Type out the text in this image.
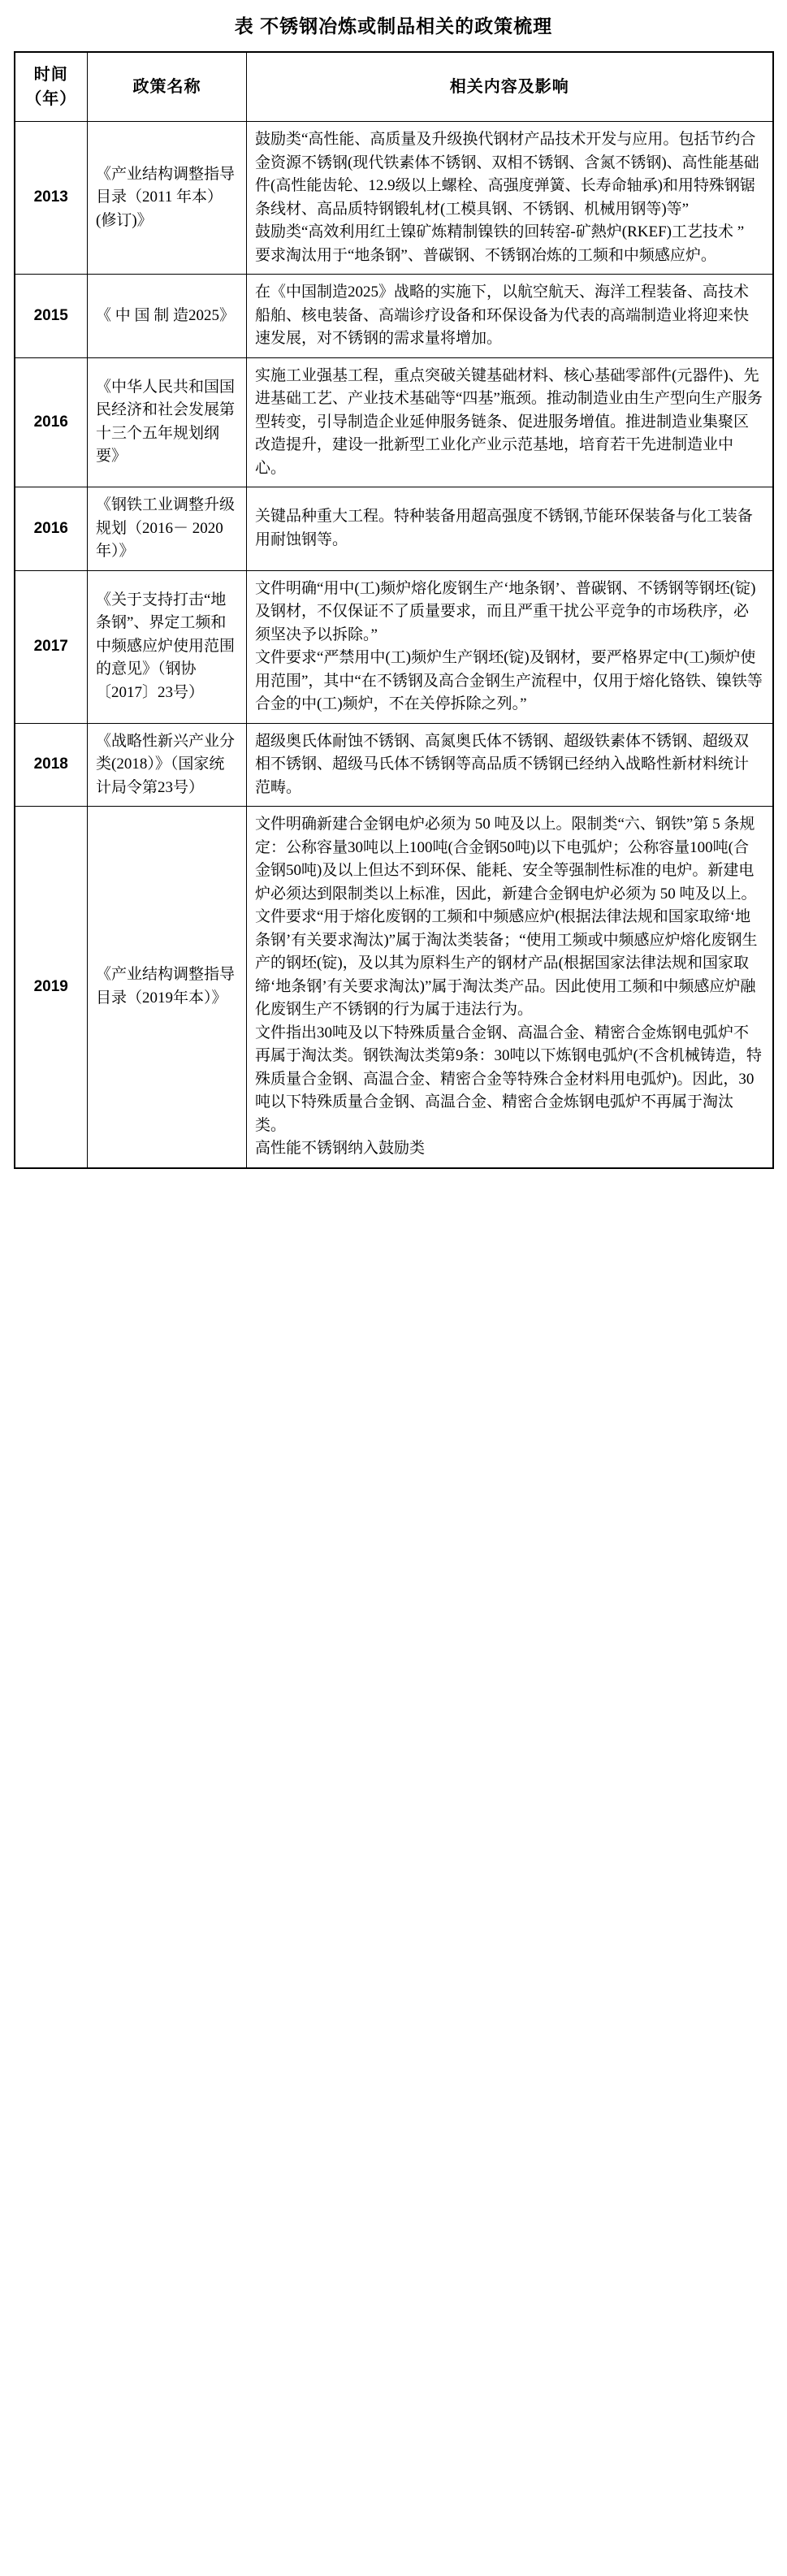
表 不锈钢冶炼或制品相关的政策梳理
时间（年）	政策名称	相关内容及影响
2013	《产业结构调整指导目录（2011 年本）(修订)》	鼓励类“高性能、高质量及升级换代钢材产品技术开发与应用。包括节约合金资源不锈钢(现代铁素体不锈钢、双相不锈钢、含氮不锈钢)、高性能基础件(高性能齿轮、12.9级以上螺栓、高强度弹簧、长寿命轴承)和用特殊钢锯条线材、高品质特钢锻轧材(工模具钢、不锈钢、机械用钢等)等”

鼓励类“高效利用红土镍矿炼精制镍铁的回转窑-矿熱炉(RKEF)工艺技术 ”

要求淘汰用于“地条钢”、普碳钢、不锈钢冶炼的工频和中频感应炉。

2015	《 中 国 制 造2025》	在《中国制造2025》战略的实施下，以航空航天、海洋工程装备、高技术船舶、核电装备、高端诊疗设备和环保设备为代表的高端制造业将迎来快速发展，对不锈钢的需求量将增加。

2016	《中华人民共和国国民经济和社会发展第十三个五年规划纲要》	实施工业强基工程，重点突破关键基础材料、核心基础零部件(元器件)、先进基础工艺、产业技术基础等“四基”瓶颈。推动制造业由生产型向生产服务型转变，引导制造企业延伸服务链条、促进服务增值。推进制造业集聚区改造提升，建设一批新型工业化产业示范基地，培育若干先进制造业中心。

2016	《钢铁工业调整升级规划（2016－ 2020年）》	关键品种重大工程。特种装备用超高强度不锈钢,节能环保装备与化工装备用耐蚀钢等。

2017	《关于支持打击“地条钢”、界定工频和中频感应炉使用范围的意见》（钢协〔2017〕23号）	文件明确“用中(工)频炉熔化废钢生产‘地条钢’、普碳钢、不锈钢等钢坯(锭)及钢材，不仅保证不了质量要求，而且严重干扰公平竞争的市场秩序，必须坚决予以拆除。”

文件要求“严禁用中(工)频炉生产钢坯(锭)及钢材，要严格界定中(工)频炉使用范围”，其中“在不锈钢及高合金钢生产流程中，仅用于熔化铬铁、镍铁等合金的中(工)频炉，不在关停拆除之列。”

2018	《战略性新兴产业分类(2018）》（国家统计局令第23号）	超级奥氏体耐蚀不锈钢、高氮奥氏体不锈钢、超级铁素体不锈钢、超级双相不锈钢、超级马氏体不锈钢等高品质不锈钢已经纳入战略性新材料统计范畴。

2019	《产业结构调整指导目录（2019年本）》	文件明确新建合金钢电炉必须为 50 吨及以上。限制类“六、钢铁”第 5 条规定：公称容量30吨以上100吨(合金钢50吨)以下电弧炉；公称容量100吨(合金钢50吨)及以上但达不到环保、能耗、安全等强制性标准的电炉。新建电炉必须达到限制类以上标准，因此，新建合金钢电炉必须为 50 吨及以上。

文件要求“用于熔化废钢的工频和中频感应炉(根据法律法规和国家取缔‘地条钢’有关要求淘汰)”属于淘汰类装备；“使用工频或中频感应炉熔化废钢生产的钢坯(锭)，及以其为原料生产的钢材产品(根据国家法律法规和国家取缔‘地条钢’有关要求淘汰)”属于淘汰类产品。因此使用工频和中频感应炉融化废钢生产不锈钢的行为属于违法行为。

文件指出30吨及以下特殊质量合金钢、高温合金、精密合金炼钢电弧炉不再属于淘汰类。钢铁淘汰类第9条：30吨以下炼钢电弧炉(不含机械铸造，特殊质量合金钢、高温合金、精密合金等特殊合金材料用电弧炉)。因此，30吨以下特殊质量合金钢、高温合金、精密合金炼钢电弧炉不再属于淘汰类。

高性能不锈钢纳入鼓励类
